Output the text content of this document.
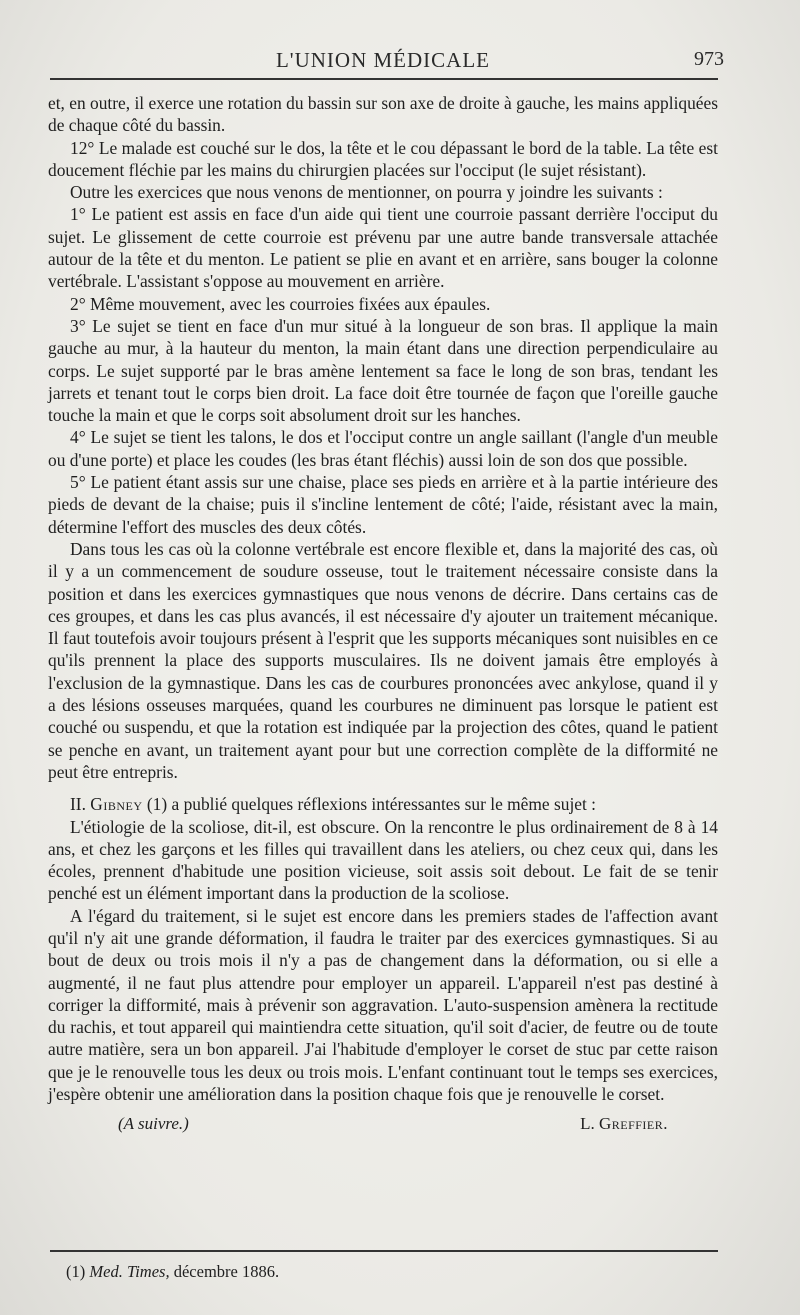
L'UNION MÉDICALE	973

et, en outre, il exerce une rotation du bassin sur son axe de droite à gauche, les mains appliquées de chaque côté du bassin.

12° Le malade est couché sur le dos, la tête et le cou dépassant le bord de la table. La tête est doucement fléchie par les mains du chirurgien placées sur l'occiput (le sujet résistant).

Outre les exercices que nous venons de mentionner, on pourra y joindre les suivants :

1° Le patient est assis en face d'un aide qui tient une courroie passant derrière l'occiput du sujet. Le glissement de cette courroie est prévenu par une autre bande transversale attachée autour de la tête et du menton. Le patient se plie en avant et en arrière, sans bouger la colonne vertébrale. L'assistant s'oppose au mouvement en arrière.

2° Même mouvement, avec les courroies fixées aux épaules.

3° Le sujet se tient en face d'un mur situé à la longueur de son bras. Il applique la main gauche au mur, à la hauteur du menton, la main étant dans une direction perpendiculaire au corps. Le sujet supporté par le bras amène lentement sa face le long de son bras, tendant les jarrets et tenant tout le corps bien droit. La face doit être tournée de façon que l'oreille gauche touche la main et que le corps soit absolument droit sur les hanches.

4° Le sujet se tient les talons, le dos et l'occiput contre un angle saillant (l'angle d'un meuble ou d'une porte) et place les coudes (les bras étant fléchis) aussi loin de son dos que possible.

5° Le patient étant assis sur une chaise, place ses pieds en arrière et à la partie intérieure des pieds de devant de la chaise; puis il s'incline lentement de côté; l'aide, résistant avec la main, détermine l'effort des muscles des deux côtés.

Dans tous les cas où la colonne vertébrale est encore flexible et, dans la majorité des cas, où il y a un commencement de soudure osseuse, tout le traitement nécessaire consiste dans la position et dans les exercices gymnastiques que nous venons de décrire. Dans certains cas de ces groupes, et dans les cas plus avancés, il est nécessaire d'y ajouter un traitement mécanique. Il faut toutefois avoir toujours présent à l'esprit que les supports mécaniques sont nuisibles en ce qu'ils prennent la place des supports musculaires. Ils ne doivent jamais être employés à l'exclusion de la gymnastique. Dans les cas de courbures prononcées avec ankylose, quand il y a des lésions osseuses marquées, quand les courbures ne diminuent pas lorsque le patient est couché ou suspendu, et que la rotation est indiquée par la projection des côtes, quand le patient se penche en avant, un traitement ayant pour but une correction complète de la difformité ne peut être entrepris.

II. Gibney (1) a publié quelques réflexions intéressantes sur le même sujet :

L'étiologie de la scoliose, dit-il, est obscure. On la rencontre le plus ordinairement de 8 à 14 ans, et chez les garçons et les filles qui travaillent dans les ateliers, ou chez ceux qui, dans les écoles, prennent d'habitude une position vicieuse, soit assis soit debout. Le fait de se tenir penché est un élément important dans la production de la scoliose.

A l'égard du traitement, si le sujet est encore dans les premiers stades de l'affection avant qu'il n'y ait une grande déformation, il faudra le traiter par des exercices gymnastiques. Si au bout de deux ou trois mois il n'y a pas de changement dans la déformation, ou si elle a augmenté, il ne faut plus attendre pour employer un appareil. L'appareil n'est pas destiné à corriger la difformité, mais à prévenir son aggravation. L'auto-suspension amènera la rectitude du rachis, et tout appareil qui maintiendra cette situation, qu'il soit d'acier, de feutre ou de toute autre matière, sera un bon appareil. J'ai l'habitude d'employer le corset de stuc par cette raison que je le renouvelle tous les deux ou trois mois. L'enfant continuant tout le temps ses exercices, j'espère obtenir une amélioration dans la position chaque fois que je renouvelle le corset.

(A suivre.)	L. Greffier.
(1) Med. Times, décembre 1886.
